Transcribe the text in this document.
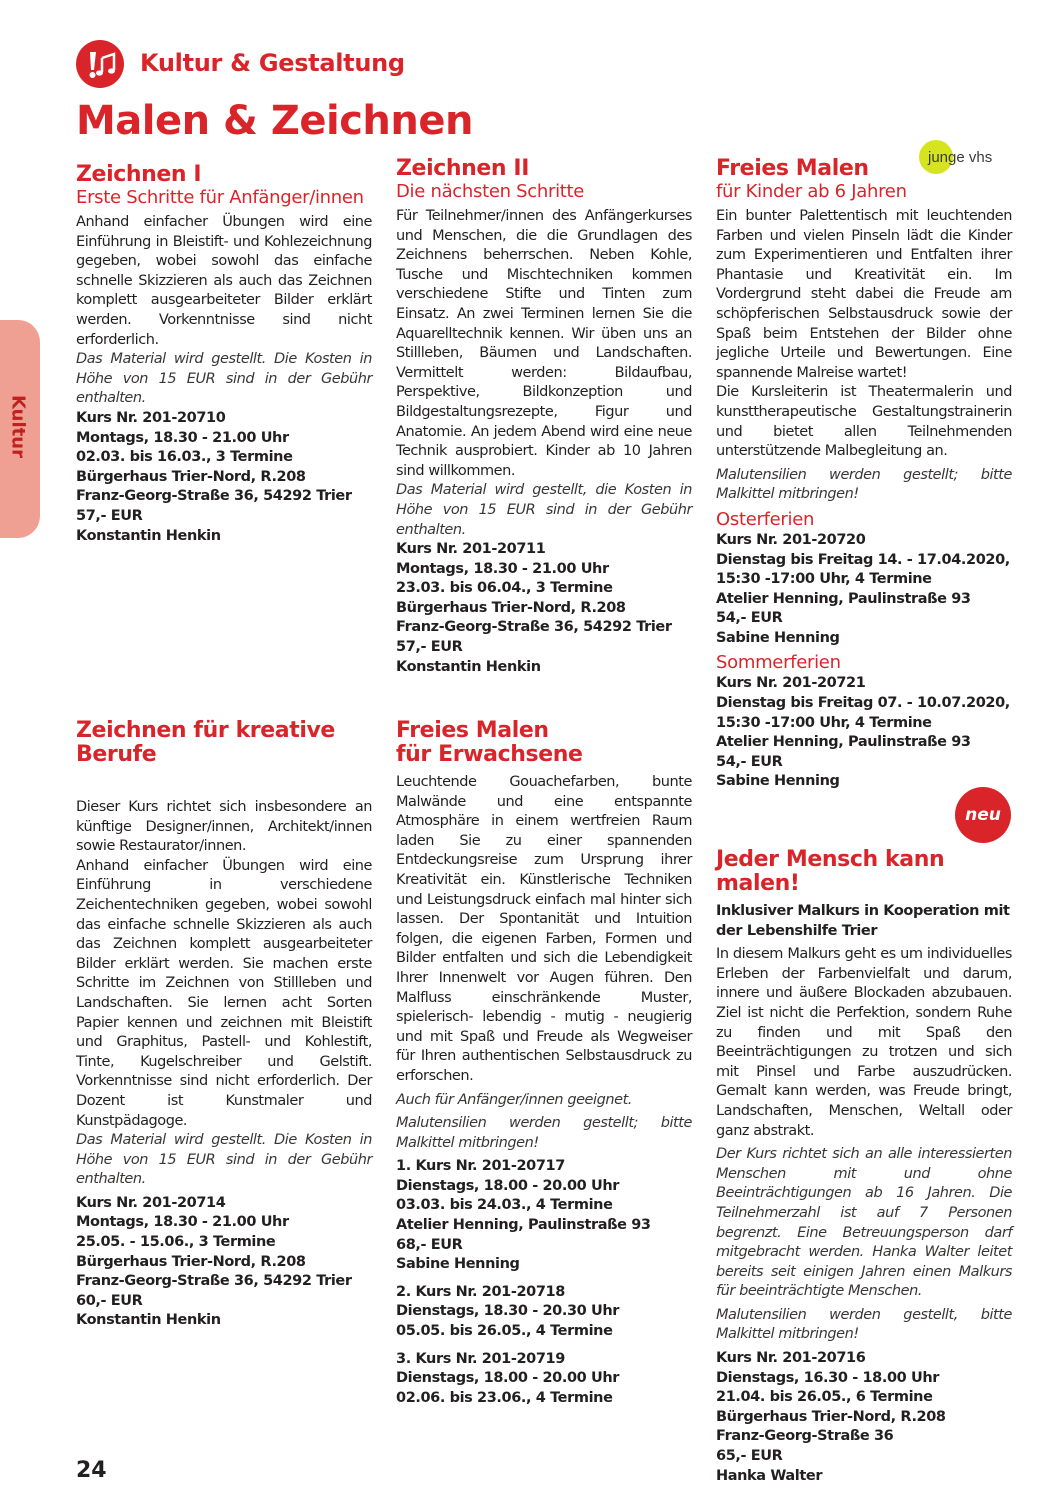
Kultur & Gestaltung
Malen & Zeichnen
Kultur
Zeichnen I
Erste Schritte für Anfänger/innen
Anhand einfacher Übungen wird eine Einführung in Bleistift- und Kohlezeichnung gegeben, wobei sowohl das einfache schnelle Skizzieren als auch das Zeichnen komplett ausgearbeiteter Bilder erklärt werden. Vorkenntnisse sind nicht erforderlich.
Das Material wird gestellt. Die Kosten in Höhe von 15 EUR sind in der Gebühr enthalten.
Kurs Nr. 201-20710
Montags, 18.30 - 21.00 Uhr
02.03. bis 16.03., 3 Termine
Bürgerhaus Trier-Nord, R.208
Franz-Georg-Straße 36, 54292 Trier
57,- EUR
Konstantin Henkin
Zeichnen für kreative Berufe
Dieser Kurs richtet sich insbesondere an künftige Designer/innen, Architekt/innen sowie Restaurator/innen.
Anhand einfacher Übungen wird eine Einführung in verschiedene Zeichentechniken gegeben, wobei sowohl das einfache schnelle Skizzieren als auch das Zeichnen komplett ausgearbeiteter Bilder erklärt werden. Sie machen erste Schritte im Zeichnen von Stillleben und Landschaften. Sie lernen acht Sorten Papier kennen und zeichnen mit Bleistift und Graphitus, Pastell- und Kohlestift, Tinte, Kugelschreiber und Gelstift. Vorkenntnisse sind nicht erforderlich. Der Dozent ist Kunstmaler und Kunstpädagoge.
Das Material wird gestellt. Die Kosten in Höhe von 15 EUR sind in der Gebühr enthalten.
Kurs Nr. 201-20714
Montags, 18.30 - 21.00 Uhr
25.05. - 15.06., 3 Termine
Bürgerhaus Trier-Nord, R.208
Franz-Georg-Straße 36, 54292 Trier
60,- EUR
Konstantin Henkin
Zeichnen II
Die nächsten Schritte
Für Teilnehmer/innen des Anfängerkurses und Menschen, die die Grundlagen des Zeichnens beherrschen. Neben Kohle, Tusche und Mischtechniken kommen verschiedene Stifte und Tinten zum Einsatz. An zwei Terminen lernen Sie die Aquarelltechnik kennen. Wir üben uns an Stillleben, Bäumen und Landschaften. Vermittelt werden: Bildaufbau, Perspektive, Bildkonzeption und Bildgestaltungsrezepte, Figur und Anatomie. An jedem Abend wird eine neue Technik ausprobiert. Kinder ab 10 Jahren sind willkommen.
Das Material wird gestellt, die Kosten in Höhe von 15 EUR sind in der Gebühr enthalten.
Kurs Nr. 201-20711
Montags, 18.30 - 21.00 Uhr
23.03. bis 06.04., 3 Termine
Bürgerhaus Trier-Nord, R.208
Franz-Georg-Straße 36, 54292 Trier
57,- EUR
Konstantin Henkin
Freies Malen
für Erwachsene
Leuchtende Gouachefarben, bunte Malwände und eine entspannte Atmosphäre in einem wertfreien Raum laden Sie zu einer spannenden Entdeckungsreise zum Ursprung ihrer Kreativität ein. Künstlerische Techniken und Leistungsdruck einfach mal hinter sich lassen. Der Spontanität und Intuition folgen, die eigenen Farben, Formen und Bilder entfalten und sich die Lebendigkeit Ihrer Innenwelt vor Augen führen. Den Malfluss einschränkende Muster, spielerisch- lebendig - mutig - neugierig und mit Spaß und Freude als Wegweiser für Ihren authentischen Selbstausdruck zu erforschen.
Auch für Anfänger/innen geeignet.
Malutensilien werden gestellt; bitte Malkittel mitbringen!
1. Kurs Nr. 201-20717
Dienstags, 18.00 - 20.00 Uhr
03.03. bis 24.03., 4 Termine
Atelier Henning, Paulinstraße 93
68,- EUR
Sabine Henning
2. Kurs Nr. 201-20718
Dienstags, 18.30 - 20.30 Uhr
05.05. bis 26.05., 4 Termine
3. Kurs Nr. 201-20719
Dienstags, 18.00 - 20.00 Uhr
02.06. bis 23.06., 4 Termine
junge vhs
Freies Malen
für Kinder ab 6 Jahren
Ein bunter Palettentisch mit leuchtenden Farben und vielen Pinseln lädt die Kinder zum Experimentieren und Entfalten ihrer Phantasie und Kreativität ein. Im Vordergrund steht dabei die Freude am schöpferischen Selbstausdruck sowie der Spaß beim Entstehen der Bilder ohne jegliche Urteile und Bewertungen. Eine spannende Malreise wartet!
Die Kursleiterin ist Theatermalerin und kunsttherapeutische Gestaltungstrainerin und bietet allen Teilnehmenden unterstützende Malbegleitung an.
Malutensilien werden gestellt; bitte Malkittel mitbringen!
Osterferien
Kurs Nr. 201-20720
Dienstag bis Freitag 14. - 17.04.2020,
15:30 -17:00 Uhr, 4 Termine
Atelier Henning, Paulinstraße 93
54,- EUR
Sabine Henning
Sommerferien
Kurs Nr. 201-20721
Dienstag bis Freitag 07. - 10.07.2020,
15:30 -17:00 Uhr, 4 Termine
Atelier Henning, Paulinstraße 93
54,- EUR
Sabine Henning
neu
Jeder Mensch kann malen!
Inklusiver Malkurs in Kooperation mit der Lebenshilfe Trier
In diesem Malkurs geht es um individuelles Erleben der Farbenvielfalt und darum, innere und äußere Blockaden abzubauen. Ziel ist nicht die Perfektion, sondern Ruhe zu finden und mit Spaß den Beeinträchtigungen zu trotzen und sich mit Pinsel und Farbe auszudrücken. Gemalt kann werden, was Freude bringt, Landschaften, Menschen, Weltall oder ganz abstrakt.
Der Kurs richtet sich an alle interessierten Menschen mit und ohne Beeinträchtigungen ab 16 Jahren. Die Teilnehmerzahl ist auf 7 Personen begrenzt. Eine Betreuungsperson darf mitgebracht werden. Hanka Walter leitet bereits seit einigen Jahren einen Malkurs für beeinträchtigte Menschen.
Malutensilien werden gestellt, bitte Malkittel mitbringen!
Kurs Nr. 201-20716
Dienstags, 16.30 - 18.00 Uhr
21.04. bis 26.05., 6 Termine
Bürgerhaus Trier-Nord, R.208
Franz-Georg-Straße 36
65,- EUR
Hanka Walter
24
